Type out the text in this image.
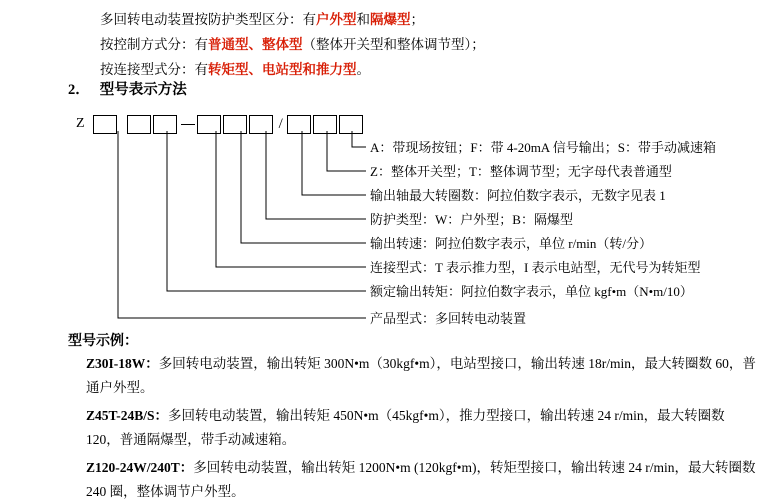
多回转电动装置按防护类型区分：有户外型和隔爆型；
按控制方式分：有普通型、整体型（整体开关型和整体调节型）；
按连接型式分：有转矩型、电站型和推力型。
2． 型号表示方法
Z	/
A：带现场按钮；F：带 4-20mA 信号输出；S：带手动减速箱
Z：整体开关型；T：整体调节型；无字母代表普通型
输出轴最大转圈数：阿拉伯数字表示，无数字见表 1
防护类型：W：户外型；B：隔爆型
输出转速：阿拉伯数字表示，单位 r/min（转/分）
连接型式：T 表示推力型，I 表示电站型，无代号为转矩型
额定输出转矩：阿拉伯数字表示，单位 kgf•m（N•m/10）
产品型式：多回转电动装置
型号示例：
Z30I-18W：多回转电动装置，输出转矩 300N•m（30kgf•m），电站型接口，输出转速 18r/min，最大转圈数 60，普通户外型。
Z45T-24B/S：多回转电动装置，输出转矩 450N•m（45kgf•m），推力型接口，输出转速 24 r/min，最大转圈数 120，普通隔爆型，带手动减速箱。
Z120-24W/240T：多回转电动装置，输出转矩 1200N•m (120kgf•m)，转矩型接口，输出转速 24 r/min，最大转圈数 240 圈，整体调节户外型。
